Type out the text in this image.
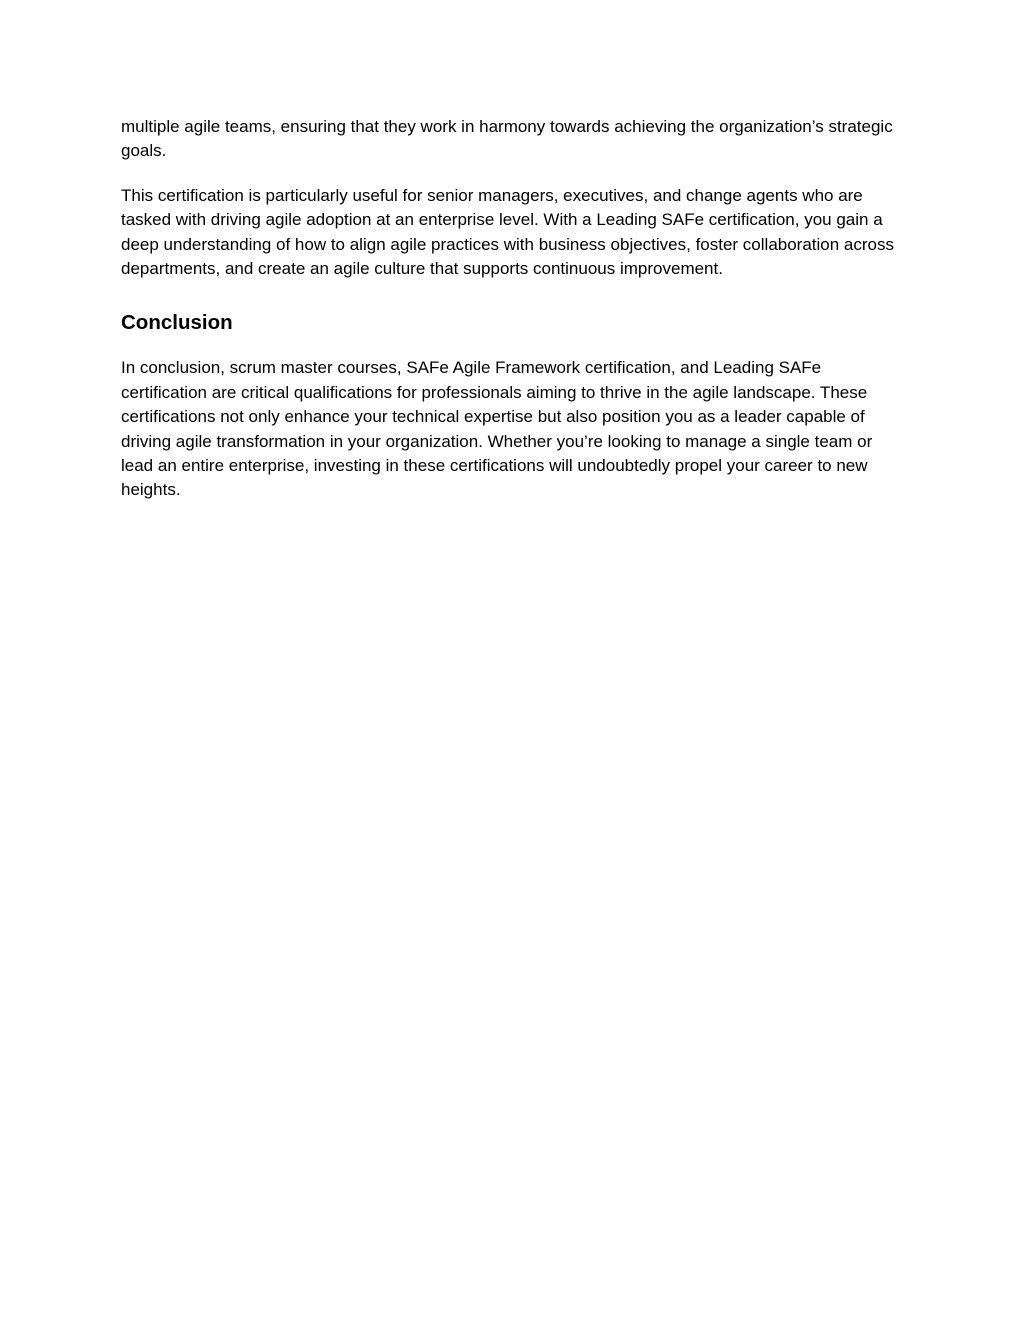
multiple agile teams, ensuring that they work in harmony towards achieving the organization’s strategic goals.

This certification is particularly useful for senior managers, executives, and change agents who are tasked with driving agile adoption at an enterprise level. With a Leading SAFe certification, you gain a deep understanding of how to align agile practices with business objectives, foster collaboration across departments, and create an agile culture that supports continuous improvement.

Conclusion

In conclusion, scrum master courses, SAFe Agile Framework certification, and Leading SAFe certification are critical qualifications for professionals aiming to thrive in the agile landscape. These certifications not only enhance your technical expertise but also position you as a leader capable of driving agile transformation in your organization. Whether you’re looking to manage a single team or lead an entire enterprise, investing in these certifications will undoubtedly propel your career to new heights.
